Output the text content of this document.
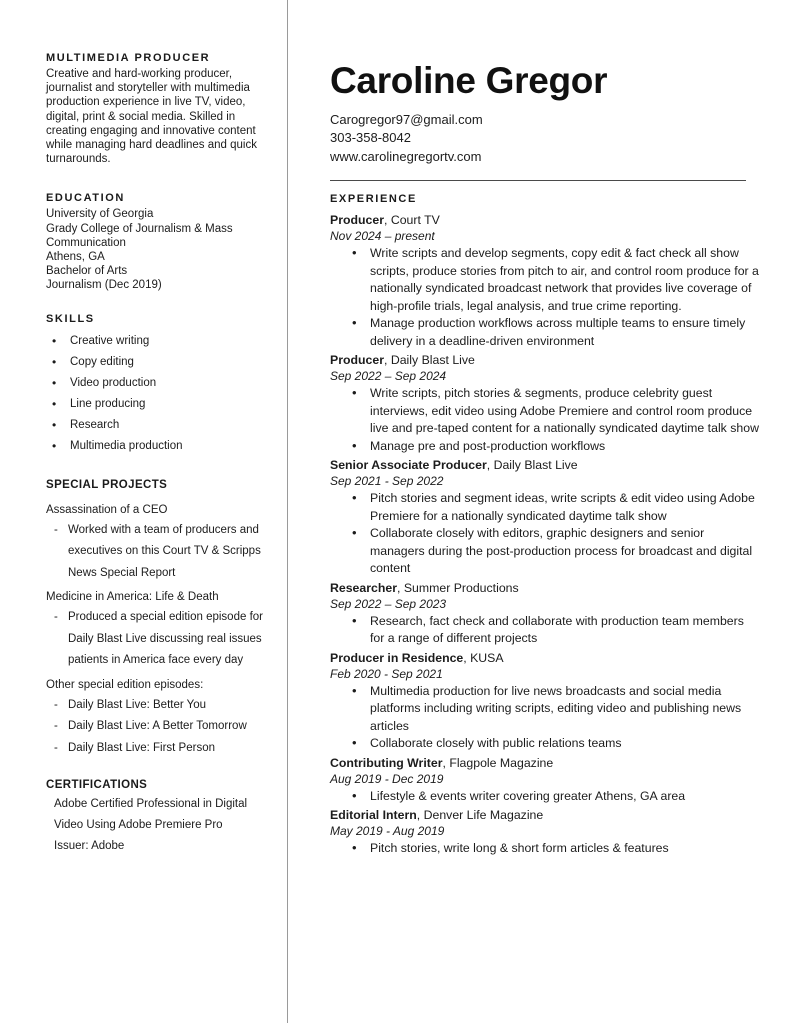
MULTIMEDIA PRODUCER

Creative and hard-working producer, journalist and storyteller with multimedia production experience in live TV, video, digital, print & social media. Skilled in creating engaging and innovative content while managing hard deadlines and quick turnarounds.

EDUCATION
University of Georgia
Grady College of Journalism & Mass Communication
Athens, GA
Bachelor of Arts
Journalism (Dec 2019)
SKILLS
• Creative writing
• Copy editing
• Video production
• Line producing
• Research
• Multimedia production
SPECIAL PROJECTS
Assassination of a CEO
- Worked with a team of producers and executives on this Court TV & Scripps News Special Report
Medicine in America: Life & Death
- Produced a special edition episode for Daily Blast Live discussing real issues patients in America face every day
Other special edition episodes:
- Daily Blast Live: Better You
- Daily Blast Live: A Better Tomorrow
- Daily Blast Live: First Person
CERTIFICATIONS
Adobe Certified Professional in Digital Video Using Adobe Premiere Pro
Issuer: Adobe
Caroline Gregor
Carogregor97@gmail.com
303-358-8042
www.carolinegregortv.com
EXPERIENCE
Producer, Court TV
Nov 2024 – present
• Write scripts and develop segments, copy edit & fact check all show scripts, produce stories from pitch to air, and control room produce for a nationally syndicated broadcast network that provides live coverage of high-profile trials, legal analysis, and true crime reporting.
• Manage production workflows across multiple teams to ensure timely delivery in a deadline-driven environment
Producer, Daily Blast Live
Sep 2022 – Sep 2024
• Write scripts, pitch stories & segments, produce celebrity guest interviews, edit video using Adobe Premiere and control room produce live and pre-taped content for a nationally syndicated daytime talk show
• Manage pre and post-production workflows
Senior Associate Producer, Daily Blast Live
Sep 2021 - Sep 2022
• Pitch stories and segment ideas, write scripts & edit video using Adobe Premiere for a nationally syndicated daytime talk show
• Collaborate closely with editors, graphic designers and senior managers during the post-production process for broadcast and digital content
Researcher, Summer Productions
Sep 2022 – Sep 2023
• Research, fact check and collaborate with production team members for a range of different projects
Producer in Residence, KUSA
Feb 2020 - Sep 2021
• Multimedia production for live news broadcasts and social media platforms including writing scripts, editing video and publishing news articles
• Collaborate closely with public relations teams
Contributing Writer, Flagpole Magazine
Aug 2019 - Dec 2019
• Lifestyle & events writer covering greater Athens, GA area
Editorial Intern, Denver Life Magazine
May 2019 - Aug 2019
• Pitch stories, write long & short form articles & features
